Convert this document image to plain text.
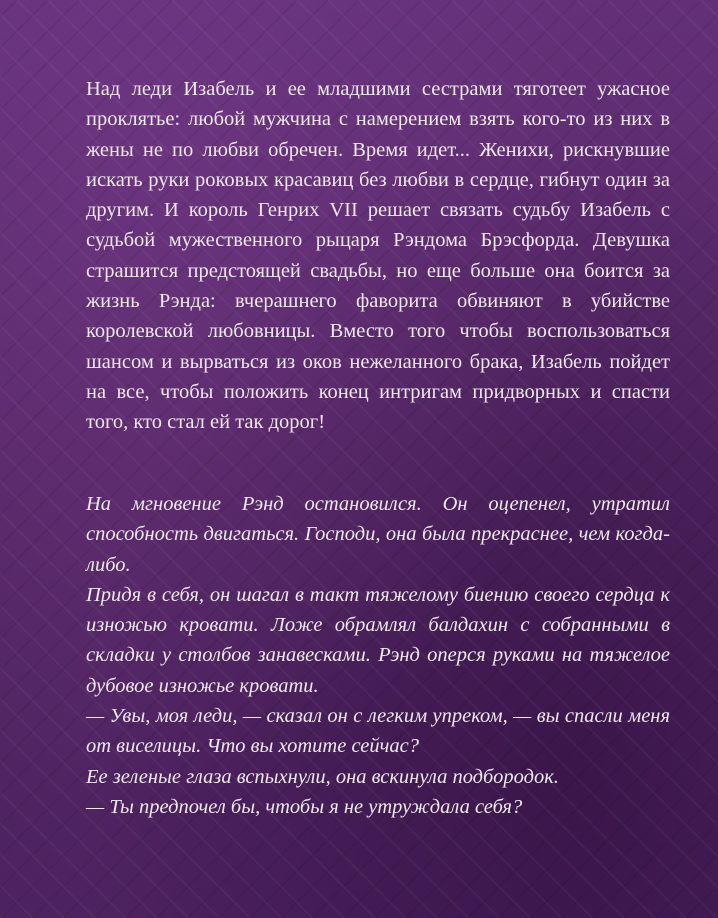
Над леди Изабель и ее младшими сестрами тяготеет ужасное проклятье: любой мужчина с намерением взять кого-то из них в жены не по любви обречен. Время идет... Женихи, рискнувшие искать руки роковых красавиц без любви в сердце, гибнут один за другим. И король Генрих VII решает связать судьбу Изабель с судьбой мужественного рыцаря Рэндома Брэсфорда. Девушка страшится предстоящей свадьбы, но еще больше она боится за жизнь Рэнда: вчерашнего фаворита обвиняют в убийстве королевской любовницы. Вместо того чтобы воспользоваться шансом и вырваться из оков нежеланного брака, Изабель пойдет на все, чтобы положить конец интригам придворных и спасти того, кто стал ей так дорог!

На мгновение Рэнд остановился. Он оцепенел, утратил способность двигаться. Господи, она была прекраснее, чем когда-либо.

Придя в себя, он шагал в такт тяжелому биению своего сердца к изножью кровати. Ложе обрамлял балдахин с собранными в складки у столбов занавесками. Рэнд оперся руками на тяжелое дубовое изножье кровати.

— Увы, моя леди, — сказал он с легким упреком, — вы спасли меня от виселицы. Что вы хотите сейчас?

Ее зеленые глаза вспыхнули, она вскинула подбородок.

— Ты предпочел бы, чтобы я не утруждала себя?
